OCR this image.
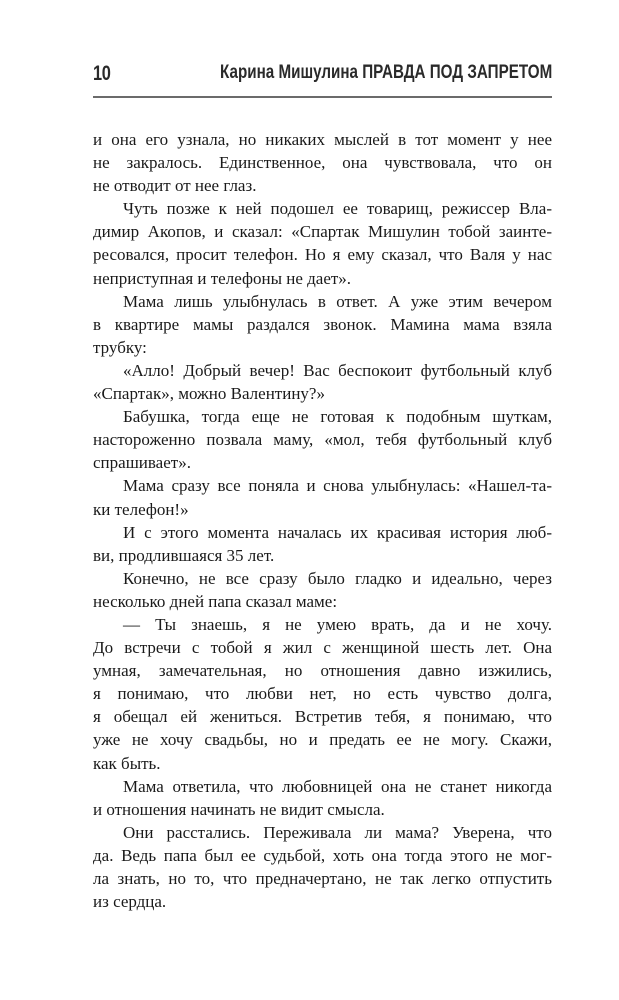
10	Карина Мишулина ПРАВДА ПОД ЗАПРЕТОМ
и она его узнала, но никаких мыслей в тот момент у нее
не закралось. Единственное, она чувствовала, что он
не отводит от нее глаз.
Чуть позже к ней подошел ее товарищ, режиссер Вла-
димир Акопов, и сказал: «Спартак Мишулин тобой заинте-
ресовался, просит телефон. Но я ему сказал, что Валя у нас
неприступная и телефоны не дает».
Мама лишь улыбнулась в ответ. А уже этим вечером
в квартире мамы раздался звонок. Мамина мама взяла
трубку:
«Алло! Добрый вечер! Вас беспокоит футбольный клуб
«Спартак», можно Валентину?»
Бабушка, тогда еще не готовая к подобным шуткам,
настороженно позвала маму, «мол, тебя футбольный клуб
спрашивает».
Мама сразу все поняла и снова улыбнулась: «Нашел-та-
ки телефон!»
И с этого момента началась их красивая история люб-
ви, продлившаяся 35 лет.
Конечно, не все сразу было гладко и идеально, через
несколько дней папа сказал маме:
— Ты знаешь, я не умею врать, да и не хочу.
До встречи с тобой я жил с женщиной шесть лет. Она
умная, замечательная, но отношения давно изжились,
я понимаю, что любви нет, но есть чувство долга,
я обещал ей жениться. Встретив тебя, я понимаю, что
уже не хочу свадьбы, но и предать ее не могу. Скажи,
как быть.
Мама ответила, что любовницей она не станет никогда
и отношения начинать не видит смысла.
Они расстались. Переживала ли мама? Уверена, что
да. Ведь папа был ее судьбой, хоть она тогда этого не мог-
ла знать, но то, что предначертано, не так легко отпустить
из сердца.
